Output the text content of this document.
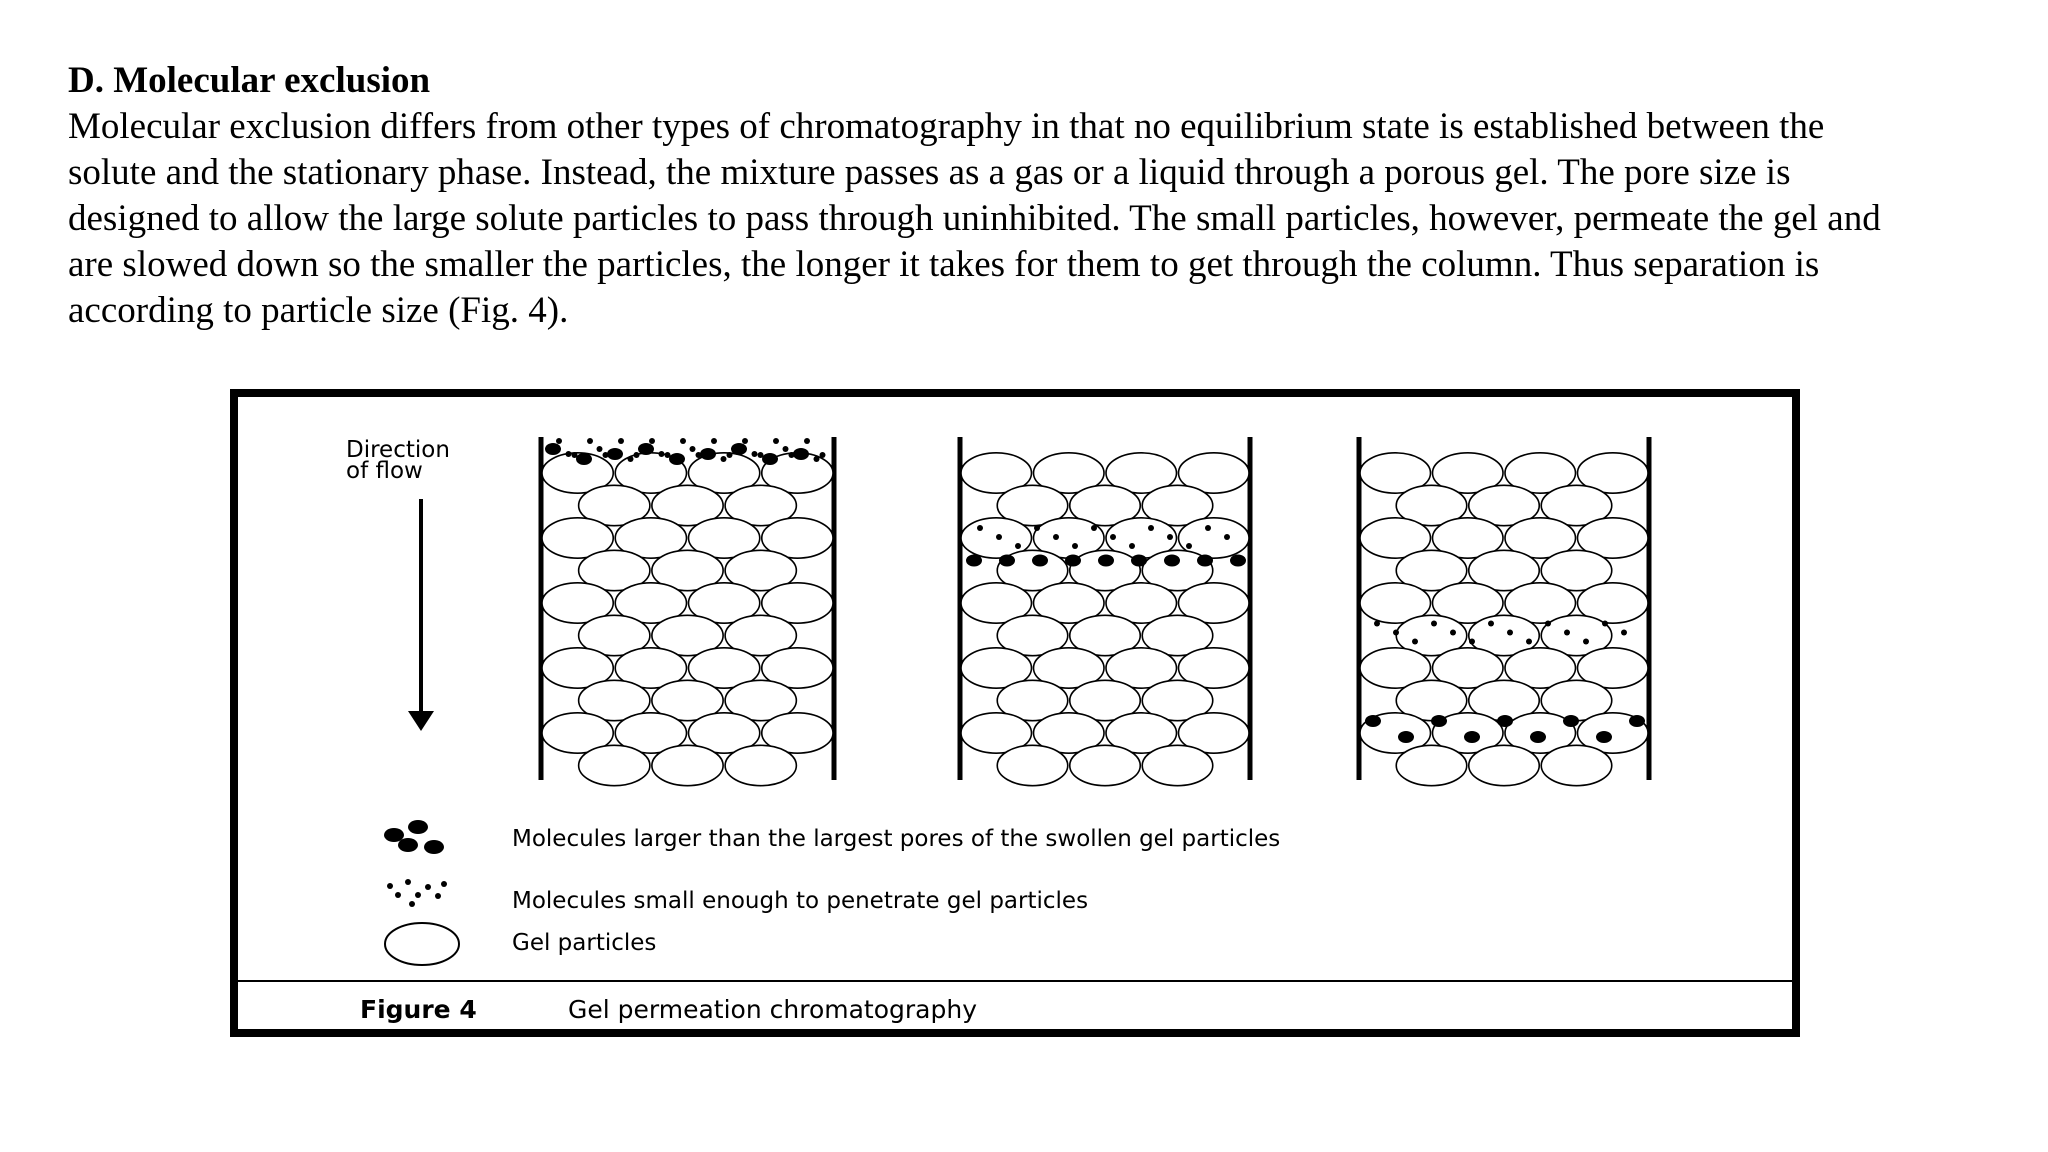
D. Molecular exclusion
Molecular exclusion differs from other types of chromatography in that no equilibrium state is established between the
solute and the stationary phase. Instead, the mixture passes as a gas or a liquid through a porous gel. The pore size is
designed to allow the large solute particles to pass through uninhibited. The small particles, however, permeate the gel and
are slowed down so the smaller the particles, the longer it takes for them to get through the column. Thus separation is
according to particle size (Fig. 4).
Direction
of flow
Molecules larger than the largest pores of the swollen gel particles
Molecules small enough to penetrate gel particles
Gel particles
Figure 4	Gel permeation chromatography
